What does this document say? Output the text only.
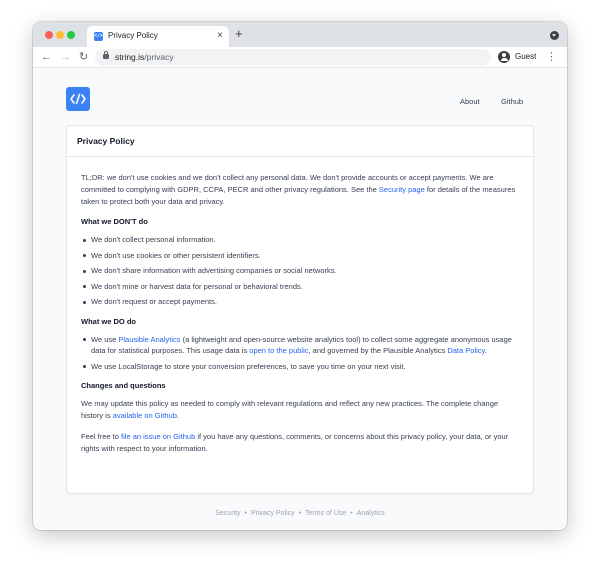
</> Privacy Policy	× +
← → ↻	string.is/privacy	Guest ⋮
About	Github
Privacy Policy

TL;DR: we don't use cookies and we don't collect any personal data. We don't provide accounts or accept payments. We are committed to complying with GDPR, CCPA, PECR and other privacy regulations. See the Security page for details of the measures taken to protect both your data and privacy.

What we DON'T do
We don't collect personal information.
We don't use cookies or other persistent identifiers.
We don't share information with advertising companies or social networks.
We don't mine or harvest data for personal or behavioral trends.
We don't request or accept payments.
What we DO do
We use Plausible Analytics (a lightweight and open-source website analytics tool) to collect some aggregate anonymous usage data for statistical purposes. This usage data is open to the public, and governed by the Plausible Analytics Data Policy.
We use LocalStorage to store your conversion preferences, to save you time on your next visit.
Changes and questions

We may update this policy as needed to comply with relevant regulations and reflect any new practices. The complete change history is available on Github.

Feel free to file an issue on Github if you have any questions, comments, or concerns about this privacy policy, your data, or your rights with respect to your information.

Security • Privacy Policy • Terms of Use • Analytics
